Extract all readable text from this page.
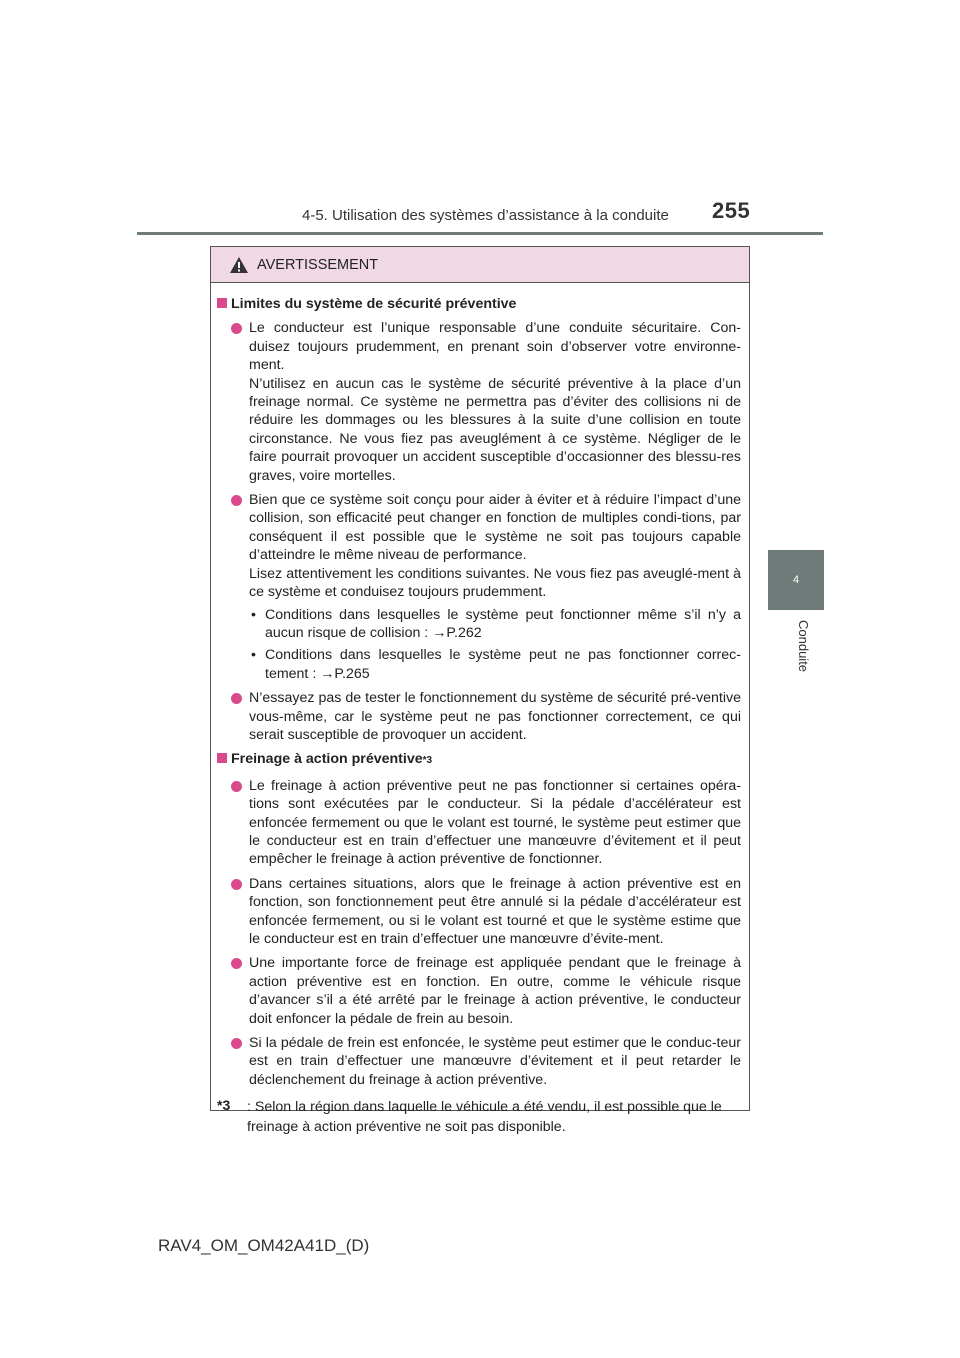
4-5. Utilisation des systèmes d’assistance à la conduite 255
4
Conduite
AVERTISSEMENT
Limites du système de sécurité préventive

Le conducteur est l’unique responsable d’une conduite sécuritaire. Con-duisez toujours prudemment, en prenant soin d’observer votre environne-ment.

N’utilisez en aucun cas le système de sécurité préventive à la place d’un freinage normal. Ce système ne permettra pas d’éviter des collisions ni de réduire les dommages ou les blessures à la suite d’une collision en toute circonstance. Ne vous fiez pas aveuglément à ce système. Négliger de le faire pourrait provoquer un accident susceptible d’occasionner des blessu-res graves, voire mortelles.

Bien que ce système soit conçu pour aider à éviter et à réduire l’impact d’une collision, son efficacité peut changer en fonction de multiples condi-tions, par conséquent il est possible que le système ne soit pas toujours capable d’atteindre le même niveau de performance.

Lisez attentivement les conditions suivantes. Ne vous fiez pas aveuglé-ment à ce système et conduisez toujours prudemment.

• Conditions dans lesquelles le système peut fonctionner même s’il n’y a aucun risque de collision : →P.262
• Conditions dans lesquelles le système peut ne pas fonctionner correc-tement : →P.265

N’essayez pas de tester le fonctionnement du système de sécurité pré-ventive vous-même, car le système peut ne pas fonctionner correctement, ce qui serait susceptible de provoquer un accident.

Freinage à action préventive *3

Le freinage à action préventive peut ne pas fonctionner si certaines opéra-tions sont exécutées par le conducteur. Si la pédale d’accélérateur est enfoncée fermement ou que le volant est tourné, le système peut estimer que le conducteur est en train d’effectuer une manœuvre d’évitement et il peut empêcher le freinage à action préventive de fonctionner.

Dans certaines situations, alors que le freinage à action préventive est en fonction, son fonctionnement peut être annulé si la pédale d’accélérateur est enfoncée fermement, ou si le volant est tourné et que le système estime que le conducteur est en train d’effectuer une manœuvre d’évite-ment.

Une importante force de freinage est appliquée pendant que le freinage à action préventive est en fonction. En outre, comme le véhicule risque d’avancer s’il a été arrêté par le freinage à action préventive, le conducteur doit enfoncer la pédale de frein au besoin.

Si la pédale de frein est enfoncée, le système peut estimer que le conduc-teur est en train d’effectuer une manœuvre d’évitement et il peut retarder le déclenchement du freinage à action préventive.

*3 : Selon la région dans laquelle le véhicule a été vendu, il est possible que le freinage à action préventive ne soit pas disponible.
RAV4_OM_OM42A41D_(D)
